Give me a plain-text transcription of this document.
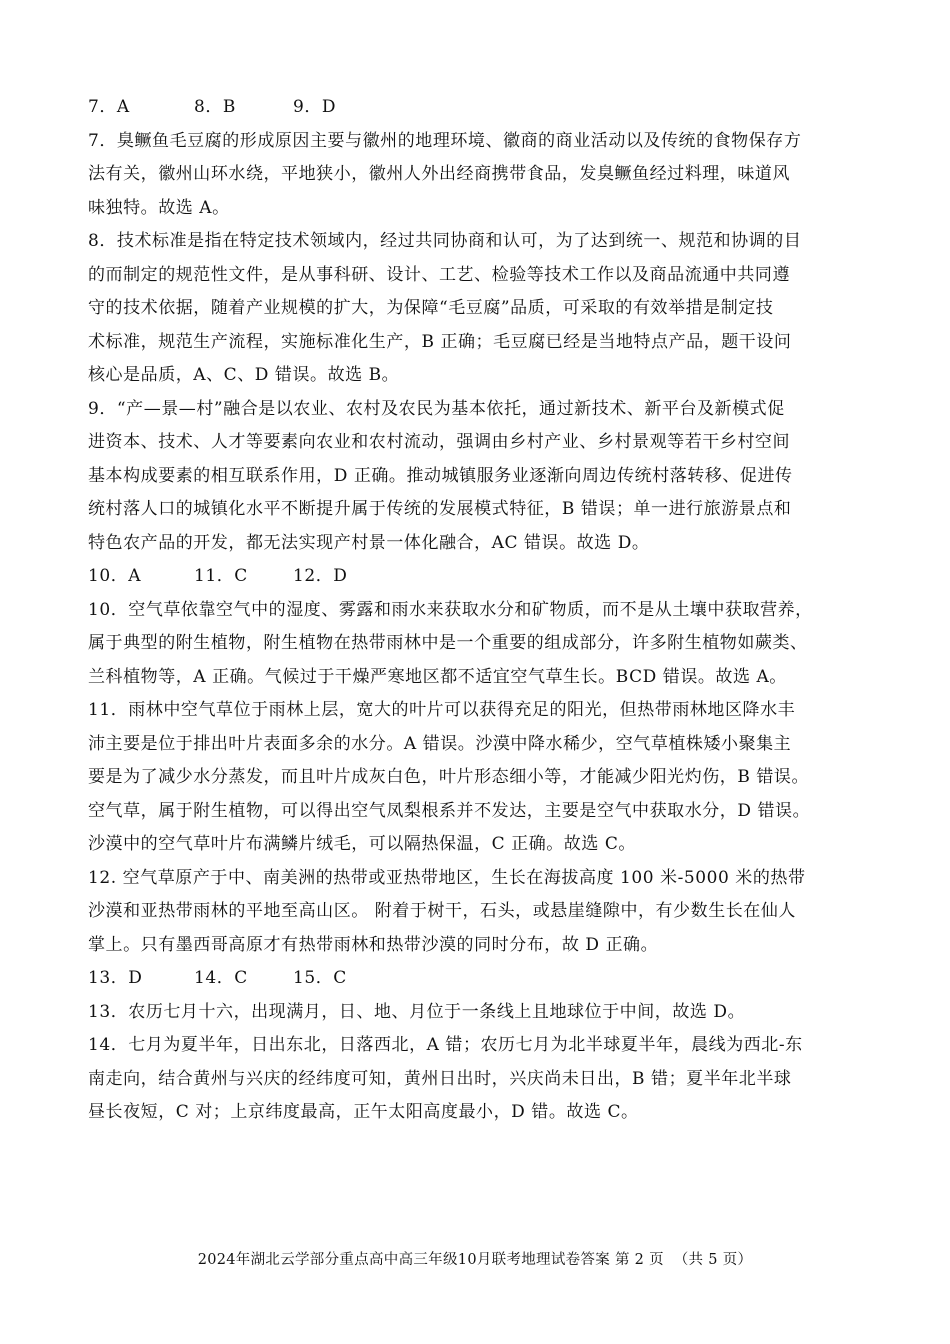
7．A	8．B	9．D
7．臭鳜鱼毛豆腐的形成原因主要与徽州的地理环境、徽商的商业活动以及传统的食物保存方
法有关，徽州山环水绕，平地狭小，徽州人外出经商携带食品，发臭鳜鱼经过料理，味道风
味独特。故选 A。
8．技术标准是指在特定技术领域内，经过共同协商和认可，为了达到统一、规范和协调的目
的而制定的规范性文件，是从事科研、设计、工艺、检验等技术工作以及商品流通中共同遵
守的技术依据，随着产业规模的扩大，为保障“毛豆腐”品质，可采取的有效举措是制定技
术标准，规范生产流程，实施标准化生产，B 正确；毛豆腐已经是当地特点产品，题干设问
核心是品质，A、C、D 错误。故选 B。
9．“产—景—村”融合是以农业、农村及农民为基本依托，通过新技术、新平台及新模式促
进资本、技术、人才等要素向农业和农村流动，强调由乡村产业、乡村景观等若干乡村空间
基本构成要素的相互联系作用，D 正确。推动城镇服务业逐渐向周边传统村落转移、促进传
统村落人口的城镇化水平不断提升属于传统的发展模式特征，B 错误；单一进行旅游景点和
特色农产品的开发，都无法实现产村景一体化融合，AC 错误。故选 D。
10．A	11．C	12．D
10．空气草依靠空气中的湿度、雾露和雨水来获取水分和矿物质，而不是从土壤中获取营养，
属于典型的附生植物，附生植物在热带雨林中是一个重要的组成部分，许多附生植物如蕨类、
兰科植物等，A 正确。气候过于干燥严寒地区都不适宜空气草生长。BCD 错误。故选 A。
11．雨林中空气草位于雨林上层，宽大的叶片可以获得充足的阳光，但热带雨林地区降水丰
沛主要是位于排出叶片表面多余的水分。A 错误。沙漠中降水稀少，空气草植株矮小聚集主
要是为了减少水分蒸发，而且叶片成灰白色，叶片形态细小等，才能减少阳光灼伤，B 错误。
空气草，属于附生植物，可以得出空气凤梨根系并不发达，主要是空气中获取水分，D 错误。
沙漠中的空气草叶片布满鳞片绒毛，可以隔热保温，C 正确。故选 C。
12. 空气草原产于中、南美洲的热带或亚热带地区，生长在海拔高度 100 米-5000 米的热带
沙漠和亚热带雨林的平地至高山区。 附着于树干，石头，或悬崖缝隙中，有少数生长在仙人
掌上。只有墨西哥高原才有热带雨林和热带沙漠的同时分布，故 D 正确。
13．D	14．C	15．C
13．农历七月十六，出现满月，日、地、月位于一条线上且地球位于中间，故选 D。
14．七月为夏半年，日出东北，日落西北，A 错；农历七月为北半球夏半年，晨线为西北-东
南走向，结合黄州与兴庆的经纬度可知，黄州日出时，兴庆尚未日出，B 错；夏半年北半球
昼长夜短，C 对；上京纬度最高，正午太阳高度最小，D 错。故选 C。
2024年湖北云学部分重点高中高三年级10月联考地理试卷答案 第 2 页 （共 5 页）
